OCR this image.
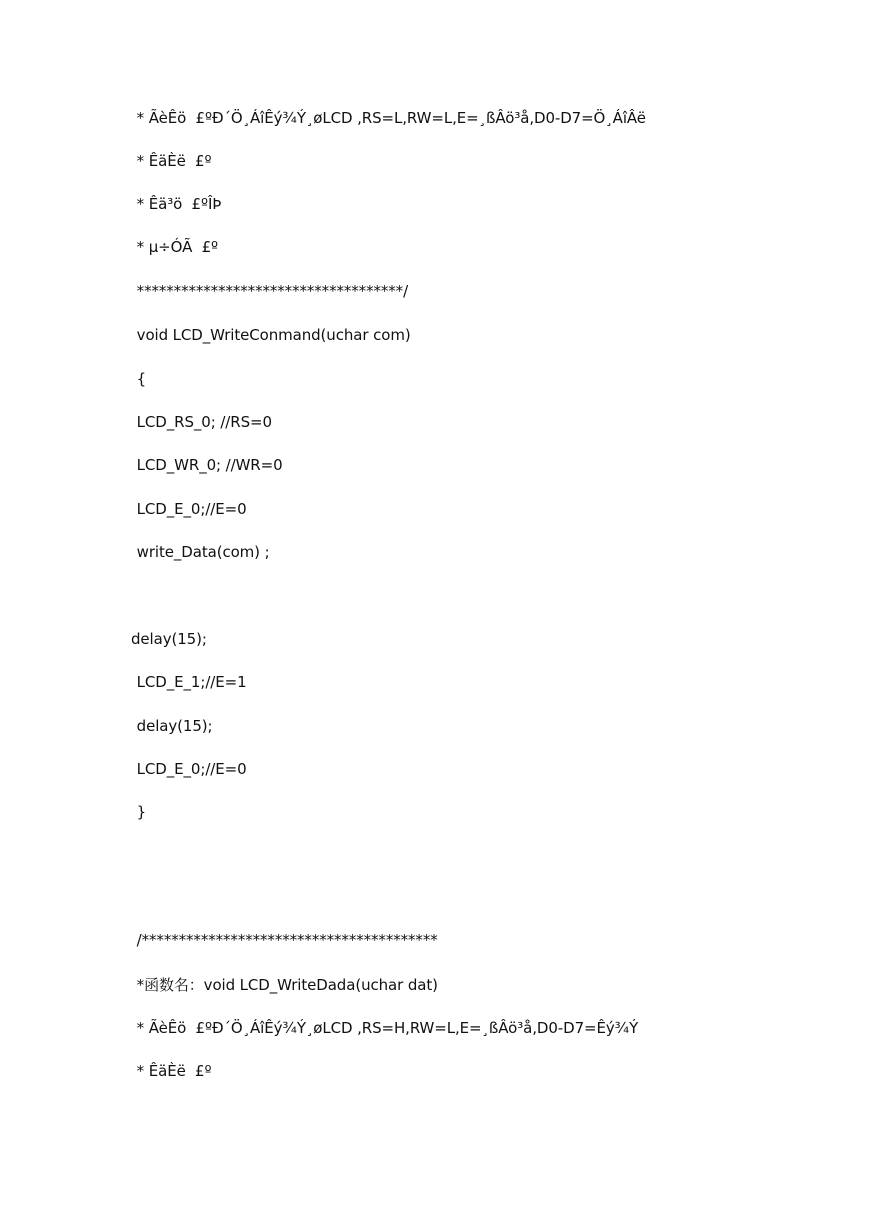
* ÃèÊö  £ºÐ´Ö¸ÁîÊý¾Ý¸øLCD ,RS=L,RW=L,E=¸ßÂö³å,D0-D7=Ö¸ÁîÂë
* ÊäÈë  £º
* Êä³ö  £ºÎÞ
* µ÷ÓÃ  £º
************************************/
void LCD_WriteConmand(uchar com)
{
LCD_RS_0; //RS=0
LCD_WR_0; //WR=0
LCD_E_0;//E=0
write_Data(com) ;
delay(15);
LCD_E_1;//E=1
delay(15);
LCD_E_0;//E=0
}
/****************************************
*函数名：void LCD_WriteDada(uchar dat)
* ÃèÊö  £ºÐ´Ö¸ÁîÊý¾Ý¸øLCD ,RS=H,RW=L,E=¸ßÂö³å,D0-D7=Êý¾Ý
* ÊäÈë  £º
